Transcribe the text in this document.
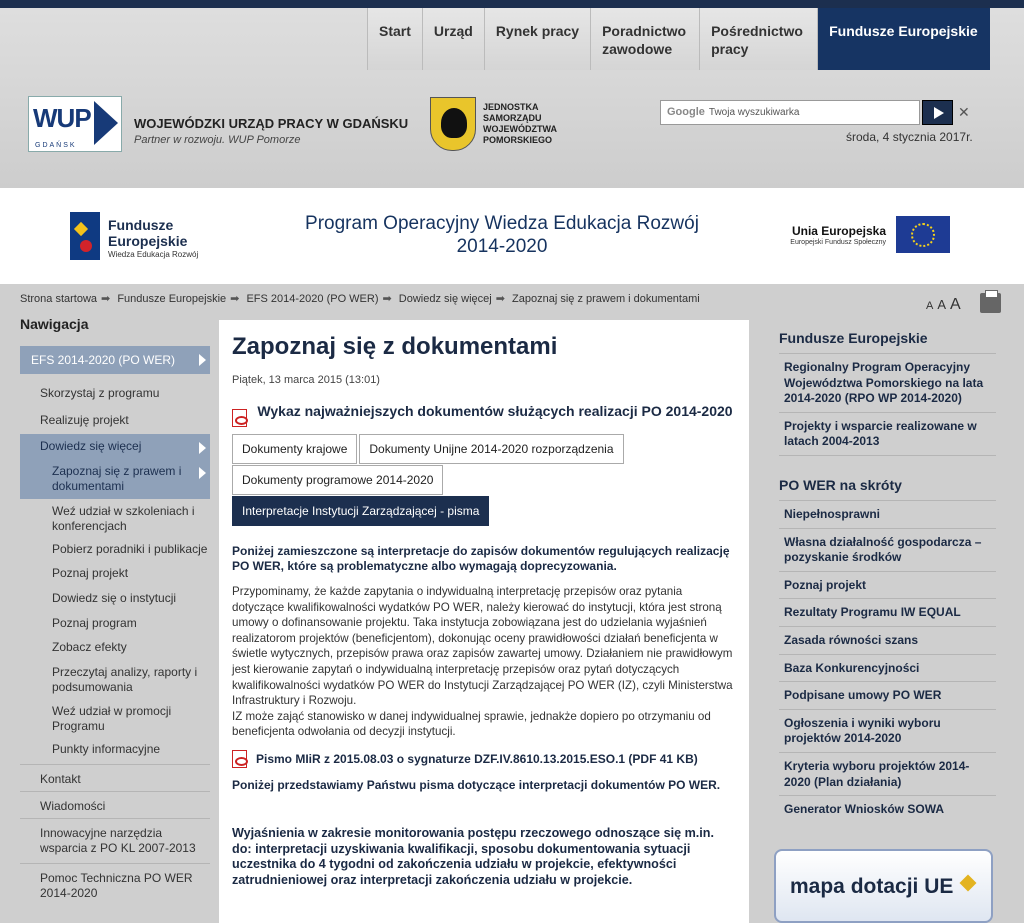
Start	Urząd	Rynek pracy	Poradnictwo zawodowe
Pośrednictwo pracy
Fundusze Europejskie
WUP
GDAŃSK
WOJEWÓDZKI URZĄD PRACY W GDAŃSKU
Partner w rozwoju. WUP Pomorze
JEDNOSTKA SAMORZĄDU WOJEWÓDZTWA POMORSKIEGO
Google Twoja wyszukiwarka	✕
środa, 4 stycznia 2017r.
Fundusze
Europejskie
Wiedza Edukacja Rozwój
Program Operacyjny Wiedza Edukacja Rozwój 2014-2020
Unia Europejska
Europejski Fundusz Społeczny
Strona startowa ➡ Fundusze Europejskie ➡ EFS 2014-2020 (PO WER) ➡ Dowiedz się więcej ➡ Zapoznaj się z prawem i dokumentami
A A A
Nawigacja
EFS 2014-2020 (PO WER)
Skorzystaj z programu
Realizuję projekt
Dowiedz się więcej
Zapoznaj się z prawem i dokumentami
Weź udział w szkoleniach i konferencjach
Pobierz poradniki i publikacje
Poznaj projekt
Dowiedz się o instytucji
Poznaj program
Zobacz efekty
Przeczytaj analizy, raporty i podsumowania
Weź udział w promocji Programu
Punkty informacyjne
Kontakt
Wiadomości
Innowacyjne narzędzia wsparcia z PO KL 2007-2013
Pomoc Techniczna PO WER 2014-2020
Zapoznaj się z dokumentami
Piątek, 13 marca 2015 (13:01)
Wykaz najważniejszych dokumentów służących realizacji PO 2014-2020
Dokumenty krajowe	Dokumenty Unijne 2014-2020 rozporządzenia
Dokumenty programowe 2014-2020
Interpretacje Instytucji Zarządzającej - pisma

Poniżej zamieszczone są interpretacje do zapisów dokumentów regulujących realizację PO WER, które są problematyczne albo wymagają doprecyzowania.

Przypominamy, że każde zapytania o indywidualną interpretację przepisów oraz pytania dotyczące kwalifikowalności wydatków PO WER, należy kierować do instytucji, która jest stroną umowy o dofinansowanie projektu. Taka instytucja zobowiązana jest do udzielania wyjaśnień realizatorom projektów (beneficjentom), dokonując oceny prawidłowości działań beneficjenta w świetle wytycznych, przepisów prawa oraz zapisów zawartej umowy. Działaniem nie prawidłowym jest kierowanie zapytań o indywidualną interpretację przepisów oraz pytań dotyczących kwalifikowalności wydatków PO WER do Instytucji Zarządzającej PO WER (IZ), czyli Ministerstwa Infrastruktury i Rozwoju.
IZ może zająć stanowisko w danej indywidualnej sprawie, jednakże dopiero po otrzymaniu od beneficjenta odwołania od decyzji instytucji.

Pismo MIiR z 2015.08.03 o sygnaturze DZF.IV.8610.13.2015.ESO.1 (PDF 41 KB)

Poniżej przedstawiamy Państwu pisma dotyczące interpretacji dokumentów PO WER.

Wyjaśnienia w zakresie monitorowania postępu rzeczowego odnoszące się m.in. do: interpretacji uzyskiwania kwalifikacji, sposobu dokumentowania sytuacji uczestnika do 4 tygodni od zakończenia udziału w projekcie, efektywności zatrudnieniowej oraz interpretacji zakończenia udziału w projekcie.

Fundusze Europejskie
Regionalny Program Operacyjny Województwa Pomorskiego na lata 2014-2020 (RPO WP 2014-2020)
Projekty i wsparcie realizowane w latach 2004-2013
PO WER na skróty
Niepełnosprawni
Własna działalność gospodarcza – pozyskanie środków
Poznaj projekt
Rezultaty Programu IW EQUAL
Zasada równości szans
Baza Konkurencyjności
Podpisane umowy PO WER
Ogłoszenia i wyniki wyboru projektów 2014-2020
Kryteria wyboru projektów 2014-2020 (Plan działania)
Generator Wniosków SOWA
mapa dotacji UE
